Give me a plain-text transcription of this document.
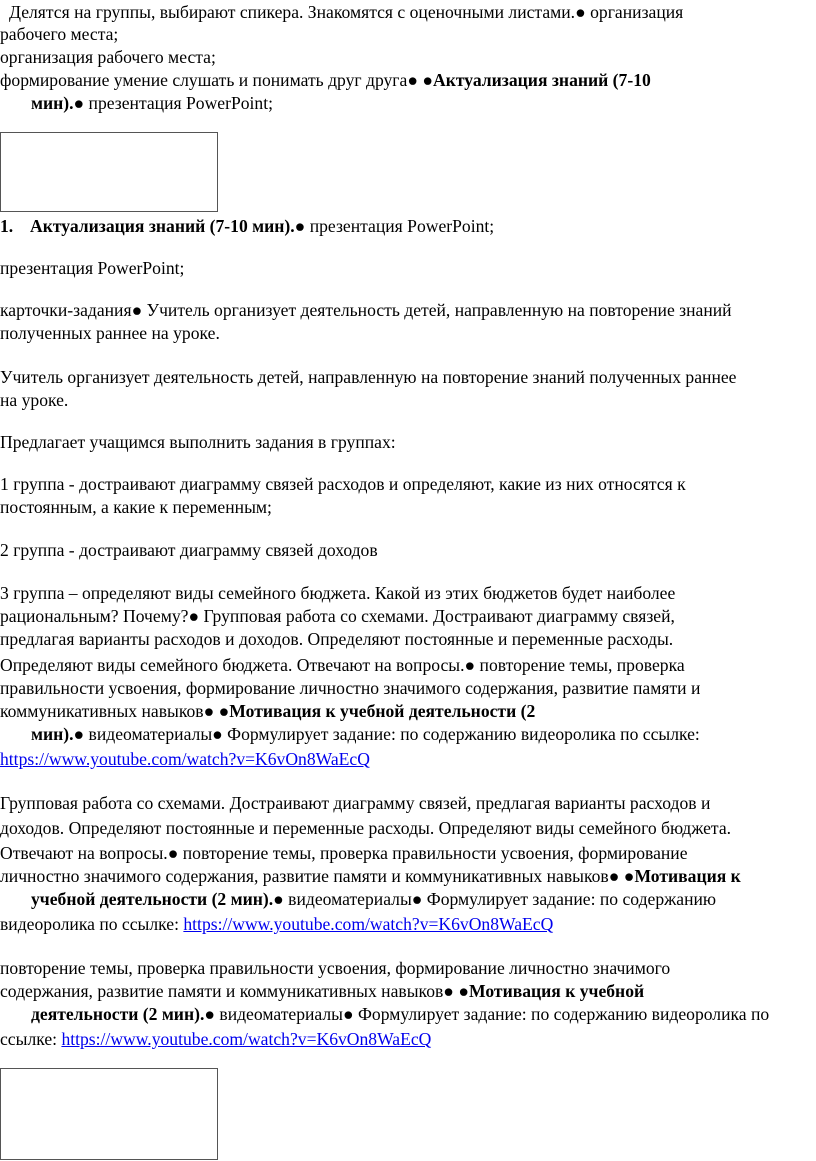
Делятся на группы, выбирают спикера. Знакомятся с оценочными листами.● организация
рабочего места;
организация рабочего места;
формирование умение слушать и понимать друг друга● ●Актуализация знаний (7-10
мин).● презентация PowerPoint;
1. Актуализация знаний (7-10 мин).● презентация PowerPoint;
презентация PowerPoint;
карточки-задания● Учитель организует деятельность детей, направленную на повторение знаний
полученных раннее на уроке.
Учитель организует деятельность детей, направленную на повторение знаний полученных раннее
на уроке.
Предлагает учащимся выполнить задания в группах:
1 группа - достраивают диаграмму связей расходов и определяют, какие из них относятся к
постоянным, а какие к переменным;
2 группа - достраивают диаграмму связей доходов
3 группа – определяют виды семейного бюджета. Какой из этих бюджетов будет наиболее
рациональным? Почему?● Групповая работа со схемами. Достраивают диаграмму связей,
предлагая варианты расходов и доходов. Определяют постоянные и переменные расходы.
Определяют виды семейного бюджета. Отвечают на вопросы.● повторение темы, проверка
правильности усвоения, формирование личностно значимого содержания, развитие памяти и
коммуникативных навыков● ●Мотивация к учебной деятельности (2
мин).● видеоматериалы● Формулирует задание: по содержанию видеоролика по ссылке:
https://www.youtube.com/watch?v=K6vOn8WaEcQ
Групповая работа со схемами. Достраивают диаграмму связей, предлагая варианты расходов и
доходов. Определяют постоянные и переменные расходы. Определяют виды семейного бюджета.
Отвечают на вопросы.● повторение темы, проверка правильности усвоения, формирование
личностно значимого содержания, развитие памяти и коммуникативных навыков● ●Мотивация к
учебной деятельности (2 мин).● видеоматериалы● Формулирует задание: по содержанию
видеоролика по ссылке: https://www.youtube.com/watch?v=K6vOn8WaEcQ
повторение темы, проверка правильности усвоения, формирование личностно значимого
содержания, развитие памяти и коммуникативных навыков● ●Мотивация к учебной
деятельности (2 мин).● видеоматериалы● Формулирует задание: по содержанию видеоролика по
ссылке: https://www.youtube.com/watch?v=K6vOn8WaEcQ
